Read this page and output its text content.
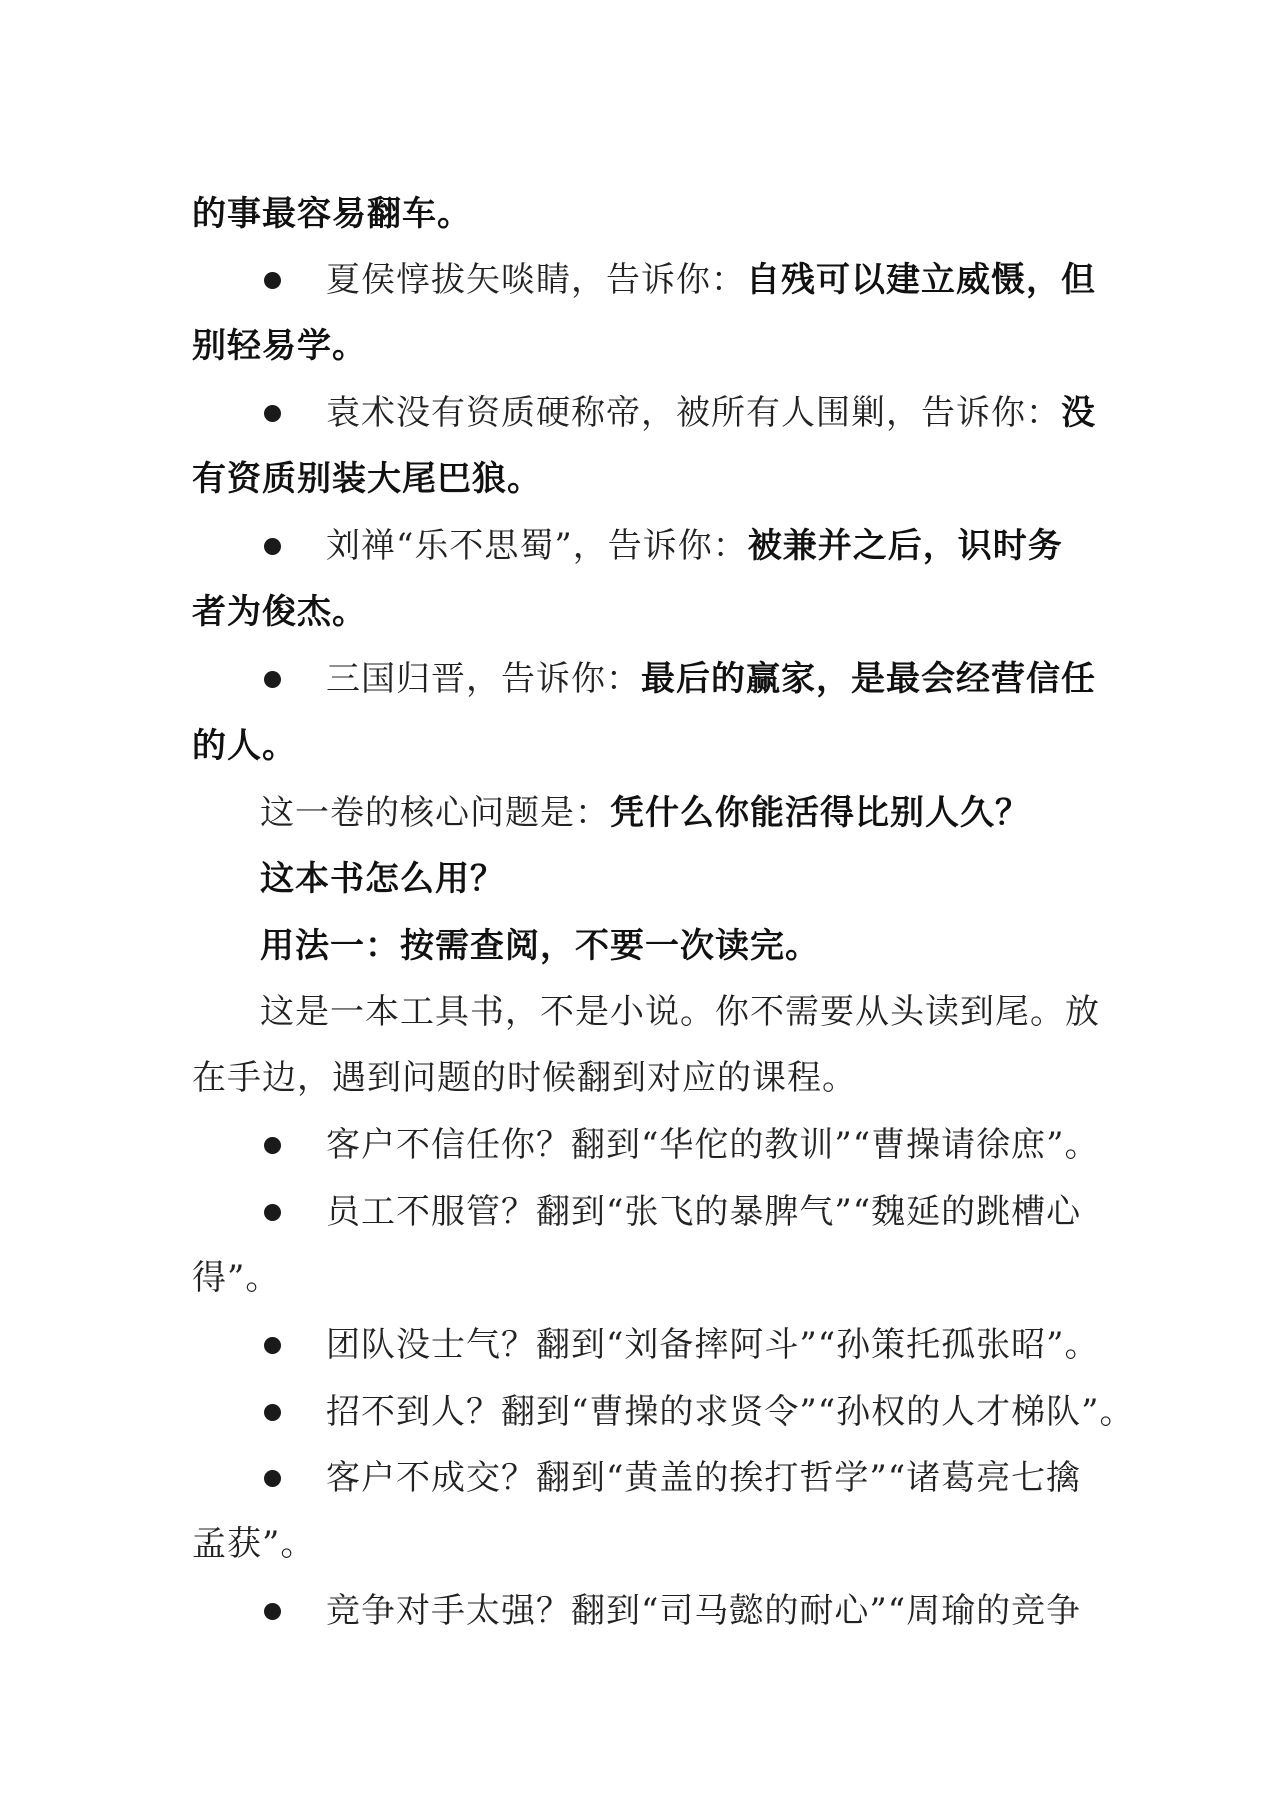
的事最容易翻车。
夏侯惇拔矢啖睛，告诉你：自残可以建立威慑，但
别轻易学。
袁术没有资质硬称帝，被所有人围剿，告诉你：没
有资质别装大尾巴狼。
刘禅“乐不思蜀”，告诉你：被兼并之后，识时务
者为俊杰。
三国归晋，告诉你：最后的赢家，是最会经营信任
的人。
这一卷的核心问题是：凭什么你能活得比别人久？
这本书怎么用？
用法一：按需查阅，不要一次读完。
这是一本工具书，不是小说。你不需要从头读到尾。放
在手边，遇到问题的时候翻到对应的课程。
客户不信任你？翻到“华佗的教训”“曹操请徐庶”。
员工不服管？翻到“张飞的暴脾气”“魏延的跳槽心
得”。
团队没士气？翻到“刘备摔阿斗”“孙策托孤张昭”。
招不到人？翻到“曹操的求贤令”“孙权的人才梯队”。
客户不成交？翻到“黄盖的挨打哲学”“诸葛亮七擒
孟获”。
竞争对手太强？翻到“司马懿的耐心”“周瑜的竞争
